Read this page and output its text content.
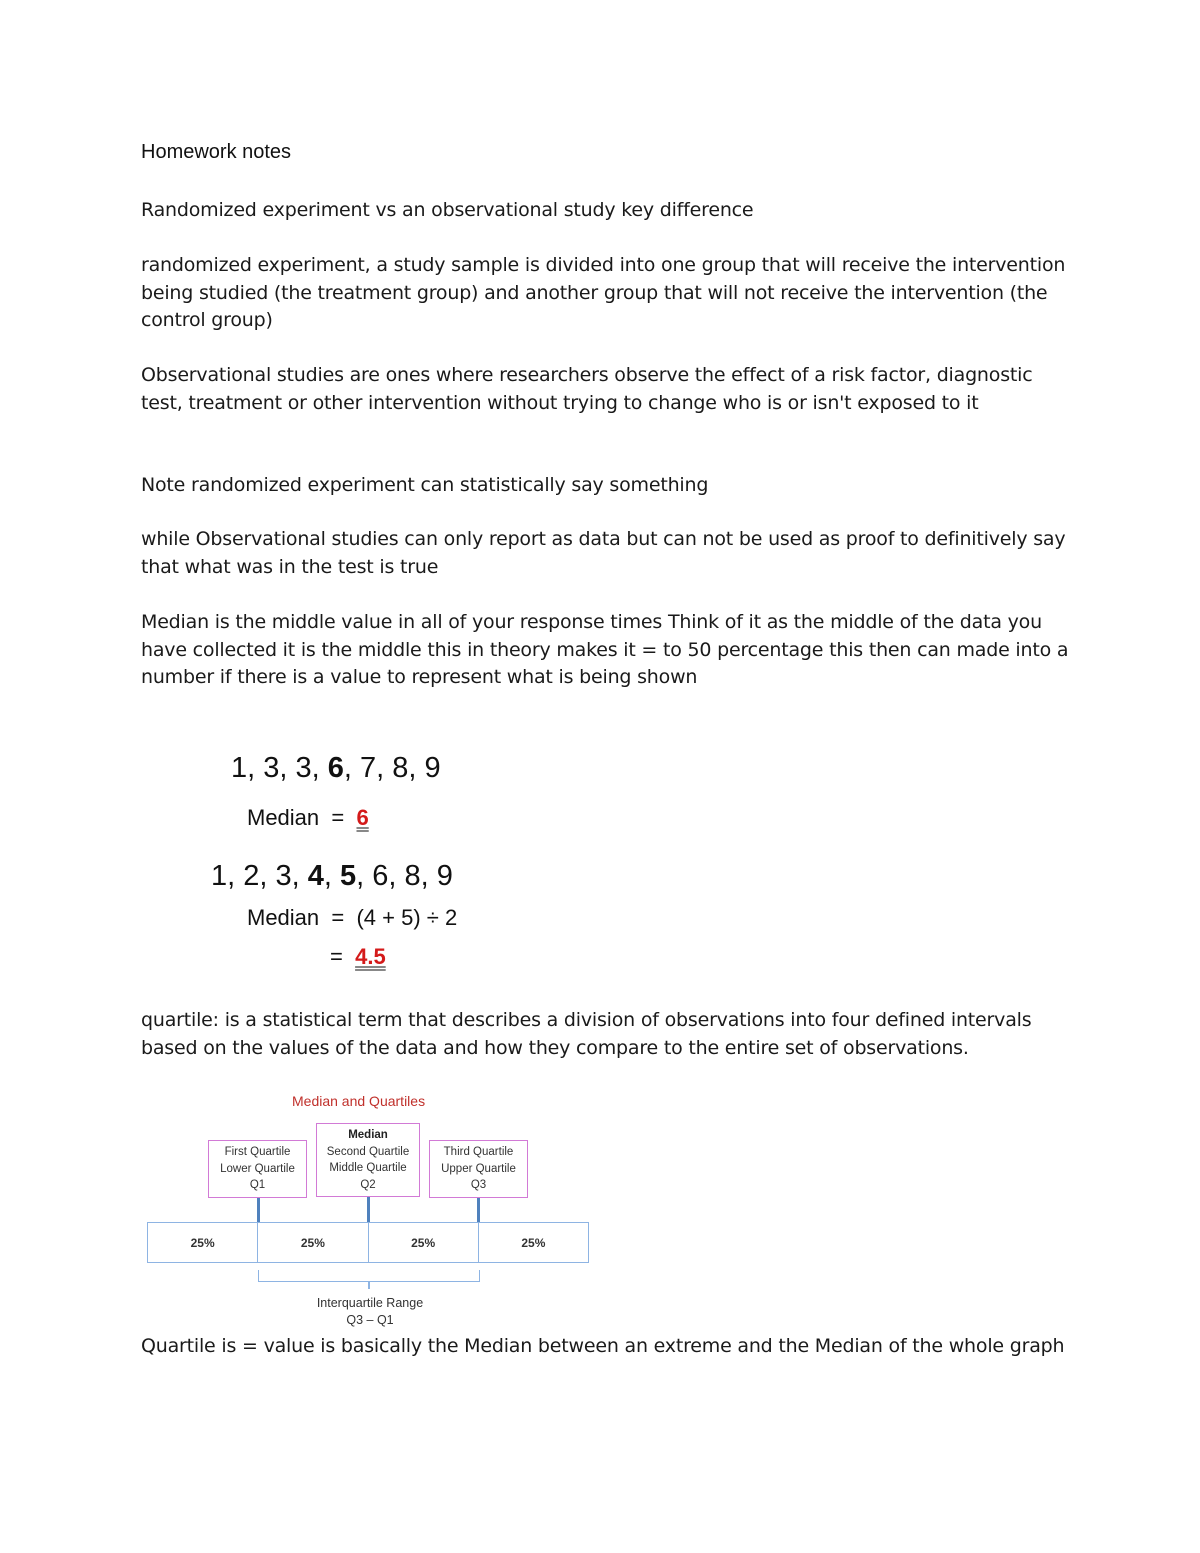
Homework notes

Randomized experiment vs an observational study key difference

randomized experiment, a study sample is divided into one group that will receive the intervention being studied (the treatment group) and another group that will not receive the intervention (the control group)

Observational studies are ones where researchers observe the effect of a risk factor, diagnostic test, treatment or other intervention without trying to change who is or isn't exposed to it

Note randomized experiment can statistically say something

while Observational studies can only report as data but can not be used as proof to definitively say that what was in the test is true

Median is the middle value in all of your response times Think of it as the middle of the data you have collected it is the middle this in theory makes it = to 50 percentage this then can made into a number if there is a value to represent what is being shown

1, 3, 3, 6, 7, 8, 9
Median = 6
1, 2, 3, 4, 5, 6, 8, 9
Median = (4 + 5) ÷ 2
= 4.5

quartile: is a statistical term that describes a division of observations into four defined intervals based on the values of the data and how they compare to the entire set of observations.

Median and Quartiles
First Quartile
Lower Quartile
Q1
Median
Second Quartile
Middle Quartile
Q2
Third Quartile
Upper Quartile
Q3
25%	25%	25%	25%
Interquartile Range
Q3 – Q1

Quartile is = value is basically the Median between an extreme and the Median of the whole graph
